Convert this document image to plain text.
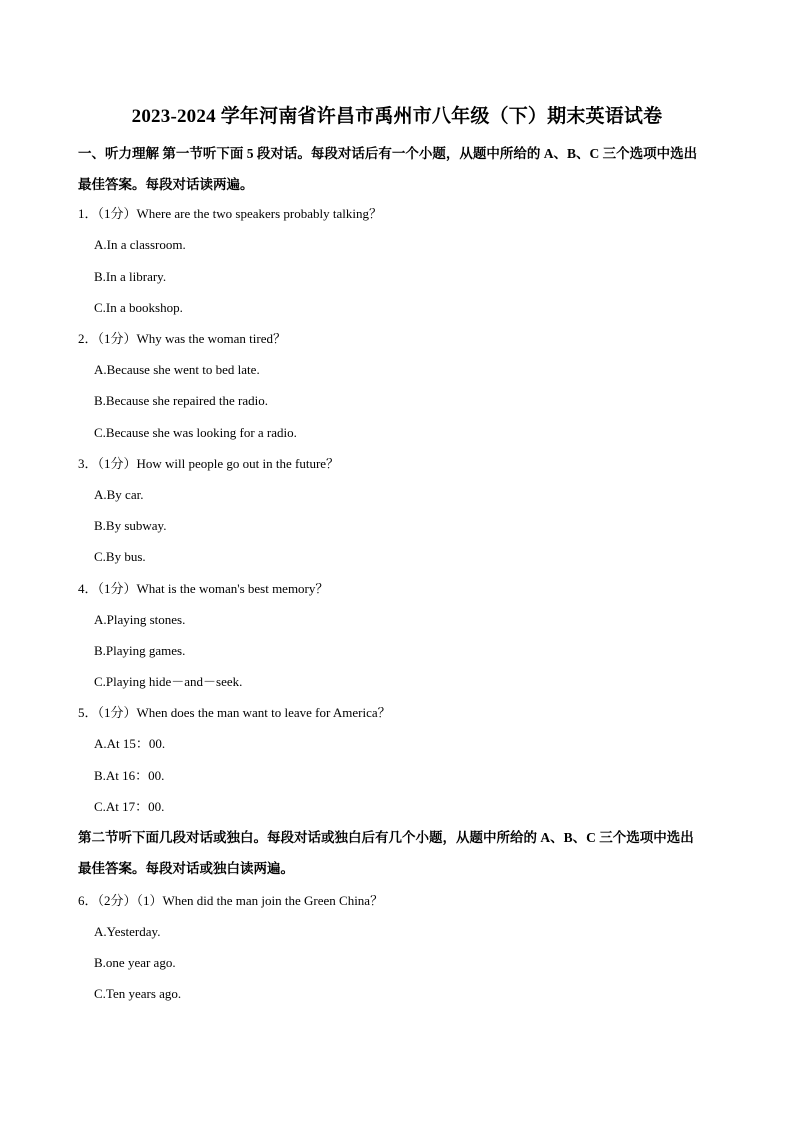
2023-2024 学年河南省许昌市禹州市八年级（下）期末英语试卷
一、听力理解 第一节听下面 5 段对话。每段对话后有一个小题，从题中所给的 A、B、C 三个选项中选出
最佳答案。每段对话读两遍。
1．（1分）Where are the two speakers probably talking？
A.In a classroom.
B.In a library.
C.In a bookshop.
2．（1分）Why was the woman tired？
A.Because she went to bed late.
B.Because she repaired the radio.
C.Because she was looking for a radio.
3．（1分）How will people go out in the future？
A.By car.
B.By subway.
C.By bus.
4．（1分）What is the woman's best memory？
A.Playing stones.
B.Playing games.
C.Playing hide－and－seek.
5．（1分）When does the man want to leave for America？
A.At 15：00.
B.At 16：00.
C.At 17：00.
第二节听下面几段对话或独白。每段对话或独白后有几个小题，从题中所给的 A、B、C 三个选项中选出
最佳答案。每段对话或独白读两遍。
6．（2分）（1）When did the man join the Green China？
A.Yesterday.
B.one year ago.
C.Ten years ago.
